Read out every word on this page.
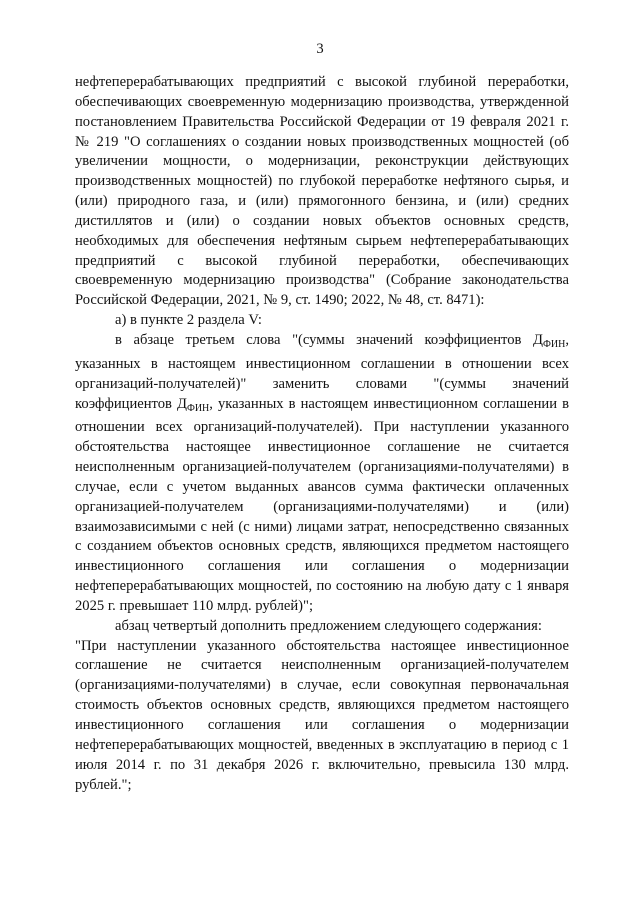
3

нефтеперерабатывающих предприятий с высокой глубиной переработки, обеспечивающих своевременную модернизацию производства, утвержденной постановлением Правительства Российской Федерации от 19 февраля 2021 г. № 219 "О соглашениях о создании новых производственных мощностей (об увеличении мощности, о модернизации, реконструкции действующих производственных мощностей) по глубокой переработке нефтяного сырья, и (или) природного газа, и (или) прямогонного бензина, и (или) средних дистиллятов и (или) о создании новых объектов основных средств, необходимых для обеспечения нефтяным сырьем нефтеперерабатывающих предприятий с высокой глубиной переработки, обеспечивающих своевременную модернизацию производства" (Собрание законодательства Российской Федерации, 2021, № 9, ст. 1490; 2022, № 48, ст. 8471):

а) в пункте 2 раздела V:

в абзаце третьем слова "(суммы значений коэффициентов $Д_{ФИН}$, указанных в настоящем инвестиционном соглашении в отношении всех организаций-получателей)" заменить словами "(суммы значений коэффициентов $Д_{ФИН}$, указанных в настоящем инвестиционном соглашении в отношении всех организаций-получателей). При наступлении указанного обстоятельства настоящее инвестиционное соглашение не считается неисполненным организацией-получателем (организациями-получателями) в случае, если с учетом выданных авансов сумма фактически оплаченных организацией-получателем (организациями-получателями) и (или) взаимозависимыми с ней (с ними) лицами затрат, непосредственно связанных с созданием объектов основных средств, являющихся предметом настоящего инвестиционного соглашения или соглашения о модернизации нефтеперерабатывающих мощностей, по состоянию на любую дату с 1 января 2025 г. превышает 110 млрд. рублей)";

абзац четвертый дополнить предложением следующего содержания:

"При наступлении указанного обстоятельства настоящее инвестиционное соглашение не считается неисполненным организацией-получателем (организациями-получателями) в случае, если совокупная первоначальная стоимость объектов основных средств, являющихся предметом настоящего инвестиционного соглашения или соглашения о модернизации нефтеперерабатывающих мощностей, введенных в эксплуатацию в период с 1 июля 2014 г. по 31 декабря 2026 г. включительно, превысила 130 млрд. рублей.";
